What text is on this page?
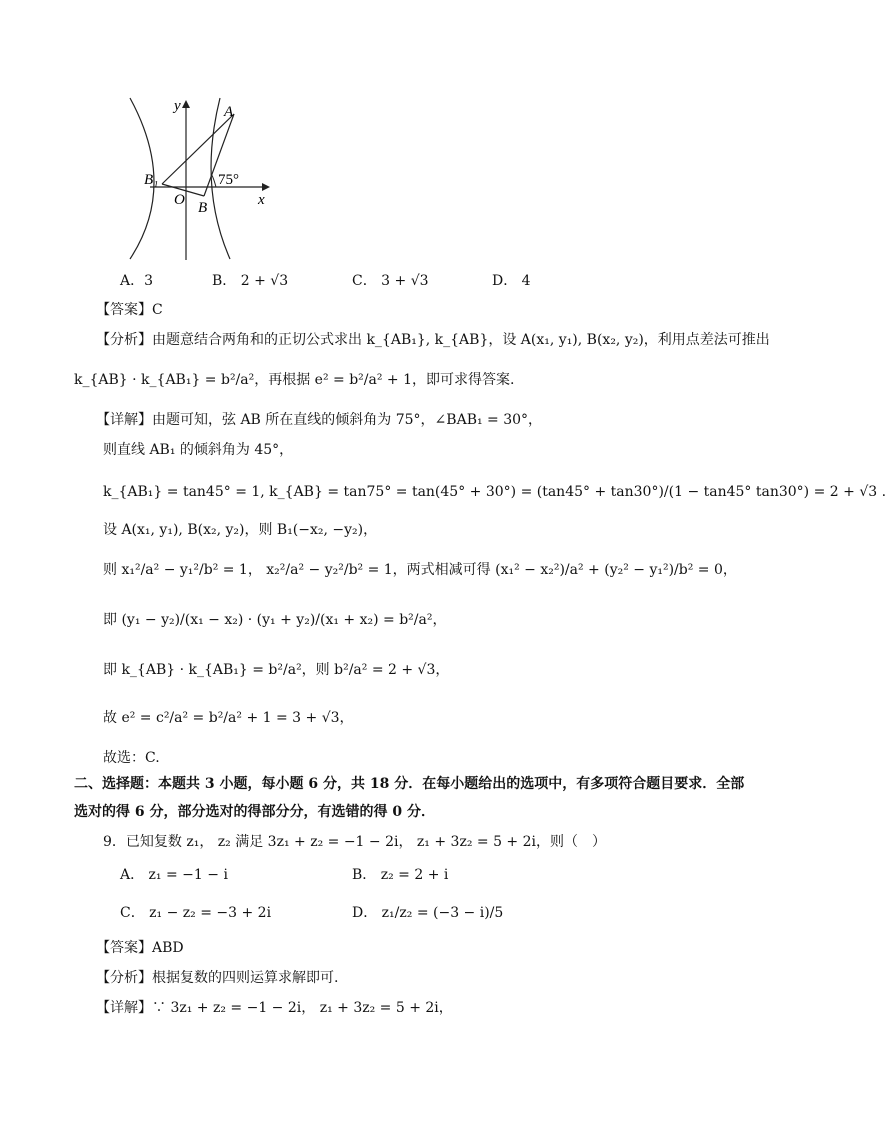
y	A
B₁
O B
75°
x
A．3	B． 2 + √3	C． 3 + √3	D． 4
【答案】C
【分析】由题意结合两角和的正切公式求出 k_{AB₁}, k_{AB}，设 A(x₁, y₁), B(x₂, y₂)，利用点差法可推出
k_{AB} · k_{AB₁} = b²/a²，再根据 e² = b²/a² + 1，即可求得答案.
【详解】由题可知，弦 AB 所在直线的倾斜角为 75°，∠BAB₁ = 30°，
则直线 AB₁ 的倾斜角为 45°，
k_{AB₁} = tan45° = 1, k_{AB} = tan75° = tan(45° + 30°) = (tan45° + tan30°)/(1 − tan45° tan30°) = 2 + √3 .
设 A(x₁, y₁), B(x₂, y₂)，则 B₁(−x₂, −y₂)，
则 x₁²/a² − y₁²/b² = 1， x₂²/a² − y₂²/b² = 1，两式相减可得 (x₁² − x₂²)/a² + (y₂² − y₁²)/b² = 0，
即 (y₁ − y₂)/(x₁ − x₂) · (y₁ + y₂)/(x₁ + x₂) = b²/a²，
即 k_{AB} · k_{AB₁} = b²/a²，则 b²/a² = 2 + √3，
故 e² = c²/a² = b²/a² + 1 = 3 + √3，
故选：C.
二、选择题：本题共 3 小题，每小题 6 分，共 18 分．在每小题给出的选项中，有多项符合题目要求．全部
选对的得 6 分，部分选对的得部分分，有选错的得 0 分．
9．已知复数 z₁， z₂ 满足 3z₁ + z₂ = −1 − 2i， z₁ + 3z₂ = 5 + 2i，则（　）
A． z₁ = −1 − i	B． z₂ = 2 + i
C． z₁ − z₂ = −3 + 2i	D． z₁/z₂ = (−3 − i)/5
【答案】ABD
【分析】根据复数的四则运算求解即可.
【详解】∵ 3z₁ + z₂ = −1 − 2i， z₁ + 3z₂ = 5 + 2i，
